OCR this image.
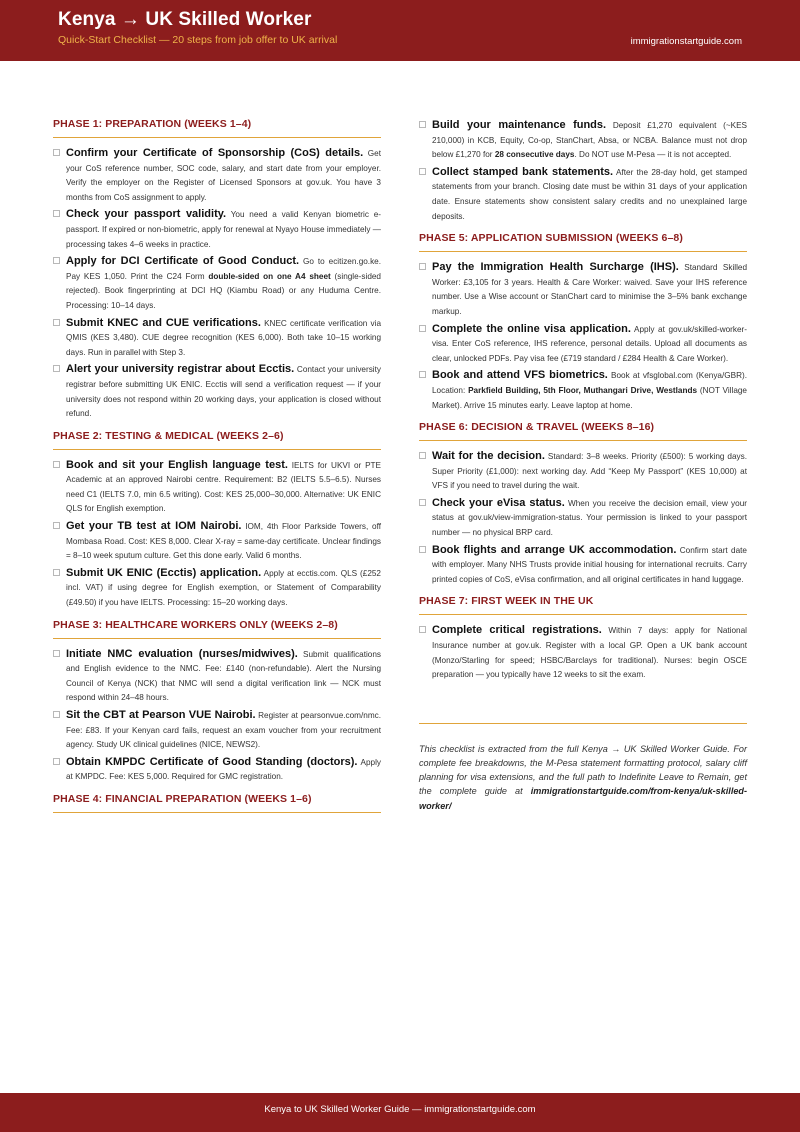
Kenya → UK Skilled Worker
Quick-Start Checklist — 20 steps from job offer to UK arrival	immigrationstartguide.com
PHASE 1: PREPARATION (WEEKS 1–4)
Confirm your Certificate of Sponsorship (CoS) details. Get your CoS reference number, SOC code, salary, and start date from your employer. Verify the employer on the Register of Licensed Sponsors at gov.uk. You have 3 months from CoS assignment to apply.
Check your passport validity. You need a valid Kenyan biometric e-passport. If expired or non-biometric, apply for renewal at Nyayo House immediately — processing takes 4–6 weeks in practice.
Apply for DCI Certificate of Good Conduct. Go to ecitizen.go.ke. Pay KES 1,050. Print the C24 Form double-sided on one A4 sheet (single-sided rejected). Book fingerprinting at DCI HQ (Kiambu Road) or any Huduma Centre. Processing: 10–14 days.
Submit KNEC and CUE verifications. KNEC certificate verification via QMIS (KES 3,480). CUE degree recognition (KES 6,000). Both take 10–15 working days. Run in parallel with Step 3.
Alert your university registrar about Ecctis. Contact your university registrar before submitting UK ENIC. Ecctis will send a verification request — if your university does not respond within 20 working days, your application is closed without refund.
PHASE 2: TESTING & MEDICAL (WEEKS 2–6)
Book and sit your English language test. IELTS for UKVI or PTE Academic at an approved Nairobi centre. Requirement: B2 (IELTS 5.5–6.5). Nurses need C1 (IELTS 7.0, min 6.5 writing). Cost: KES 25,000–30,000. Alternative: UK ENIC QLS for English exemption.
Get your TB test at IOM Nairobi. IOM, 4th Floor Parkside Towers, off Mombasa Road. Cost: KES 8,000. Clear X-ray = same-day certificate. Unclear findings = 8–10 week sputum culture. Get this done early. Valid 6 months.
Submit UK ENIC (Ecctis) application. Apply at ecctis.com. QLS (£252 incl. VAT) if using degree for English exemption, or Statement of Comparability (£49.50) if you have IELTS. Processing: 15–20 working days.
PHASE 3: HEALTHCARE WORKERS ONLY (WEEKS 2–8)
Initiate NMC evaluation (nurses/midwives). Submit qualifications and English evidence to the NMC. Fee: £140 (non-refundable). Alert the Nursing Council of Kenya (NCK) that NMC will send a digital verification link — NCK must respond within 24–48 hours.
Sit the CBT at Pearson VUE Nairobi. Register at pearsonvue.com/nmc. Fee: £83. If your Kenyan card fails, request an exam voucher from your recruitment agency. Study UK clinical guidelines (NICE, NEWS2).
Obtain KMPDC Certificate of Good Standing (doctors). Apply at KMPDC. Fee: KES 5,000. Required for GMC registration.
PHASE 4: FINANCIAL PREPARATION (WEEKS 1–6)
Build your maintenance funds. Deposit £1,270 equivalent (~KES 210,000) in KCB, Equity, Co-op, StanChart, Absa, or NCBA. Balance must not drop below £1,270 for 28 consecutive days. Do NOT use M-Pesa — it is not accepted.
Collect stamped bank statements. After the 28-day hold, get stamped statements from your branch. Closing date must be within 31 days of your application date. Ensure statements show consistent salary credits and no unexplained large deposits.
PHASE 5: APPLICATION SUBMISSION (WEEKS 6–8)
Pay the Immigration Health Surcharge (IHS). Standard Skilled Worker: £3,105 for 3 years. Health & Care Worker: waived. Save your IHS reference number. Use a Wise account or StanChart card to minimise the 3–5% bank exchange markup.
Complete the online visa application. Apply at gov.uk/skilled-worker-visa. Enter CoS reference, IHS reference, personal details. Upload all documents as clear, unlocked PDFs. Pay visa fee (£719 standard / £284 Health & Care Worker).
Book and attend VFS biometrics. Book at vfsglobal.com (Kenya/GBR). Location: Parkfield Building, 5th Floor, Muthangari Drive, Westlands (NOT Village Market). Arrive 15 minutes early. Leave laptop at home.
PHASE 6: DECISION & TRAVEL (WEEKS 8–16)
Wait for the decision. Standard: 3–8 weeks. Priority (£500): 5 working days. Super Priority (£1,000): next working day. Add “Keep My Passport” (KES 10,000) at VFS if you need to travel during the wait.
Check your eVisa status. When you receive the decision email, view your status at gov.uk/view-immigration-status. Your permission is linked to your passport number — no physical BRP card.
Book flights and arrange UK accommodation. Confirm start date with employer. Many NHS Trusts provide initial housing for international recruits. Carry printed copies of CoS, eVisa confirmation, and all original certificates in hand luggage.
PHASE 7: FIRST WEEK IN THE UK
Complete critical registrations. Within 7 days: apply for National Insurance number at gov.uk. Register with a local GP. Open a UK bank account (Monzo/Starling for speed; HSBC/Barclays for traditional). Nurses: begin OSCE preparation — you typically have 12 weeks to sit the exam.
This checklist is extracted from the full Kenya → UK Skilled Worker Guide. For complete fee breakdowns, the M-Pesa statement formatting protocol, salary cliff planning for visa extensions, and the full path to Indefinite Leave to Remain, get the complete guide at immigrationstartguide.com/from-kenya/uk-skilled-worker/
Kenya to UK Skilled Worker Guide — immigrationstartguide.com
